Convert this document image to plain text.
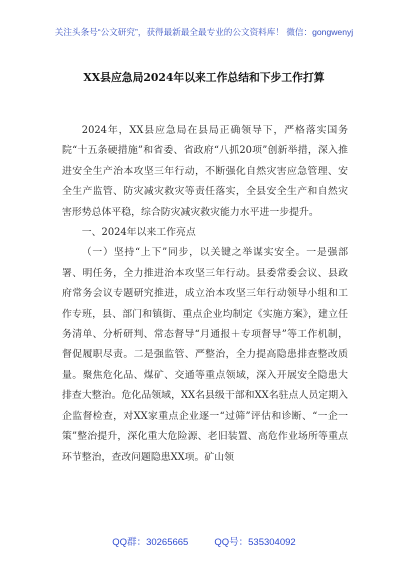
关注头条号“公文研究”，获得最新最全最专业的公文资料库！ 微信：gongwenyj
XX县应急局2024年以来工作总结和下步工作打算

2024年，XX县应急局在县局正确领导下，严格落实国务院“十五条硬措施”和省委、省政府“八抓20项”创新举措，深入推进安全生产治本攻坚三年行动，不断强化自然灾害应急管理、安全生产监管、防灾减灾救灾等责任落实，全县安全生产和自然灾害形势总体平稳，综合防灾减灾救灾能力水平进一步提升。

一、2024年以来工作亮点

（一）坚持“上下”同步，以关键之举谋实安全。一是强部署、明任务，全力推进治本攻坚三年行动。县委常委会议、县政府常务会议专题研究推进，成立治本攻坚三年行动领导小组和工作专班，县、部门和镇街、重点企业均制定《实施方案》，建立任务清单、分析研判、常态督导“月通报＋专项督导”等工作机制，督促履职尽责。二是强监管、严整治，全力提高隐患排查整改质量。聚焦危化品、煤矿、交通等重点领域，深入开展安全隐患大排查大整治。危化品领域，XX名县级干部和XX名驻点人员定期入企监督检查，对XX家重点企业逐一“过筛”评估和诊断、“一企一策”整治提升，深化重大危险源、老旧装置、高危作业场所等重点环节整治，查改问题隐患XX项。矿山领

QQ群：30265665	QQ号：535304092
